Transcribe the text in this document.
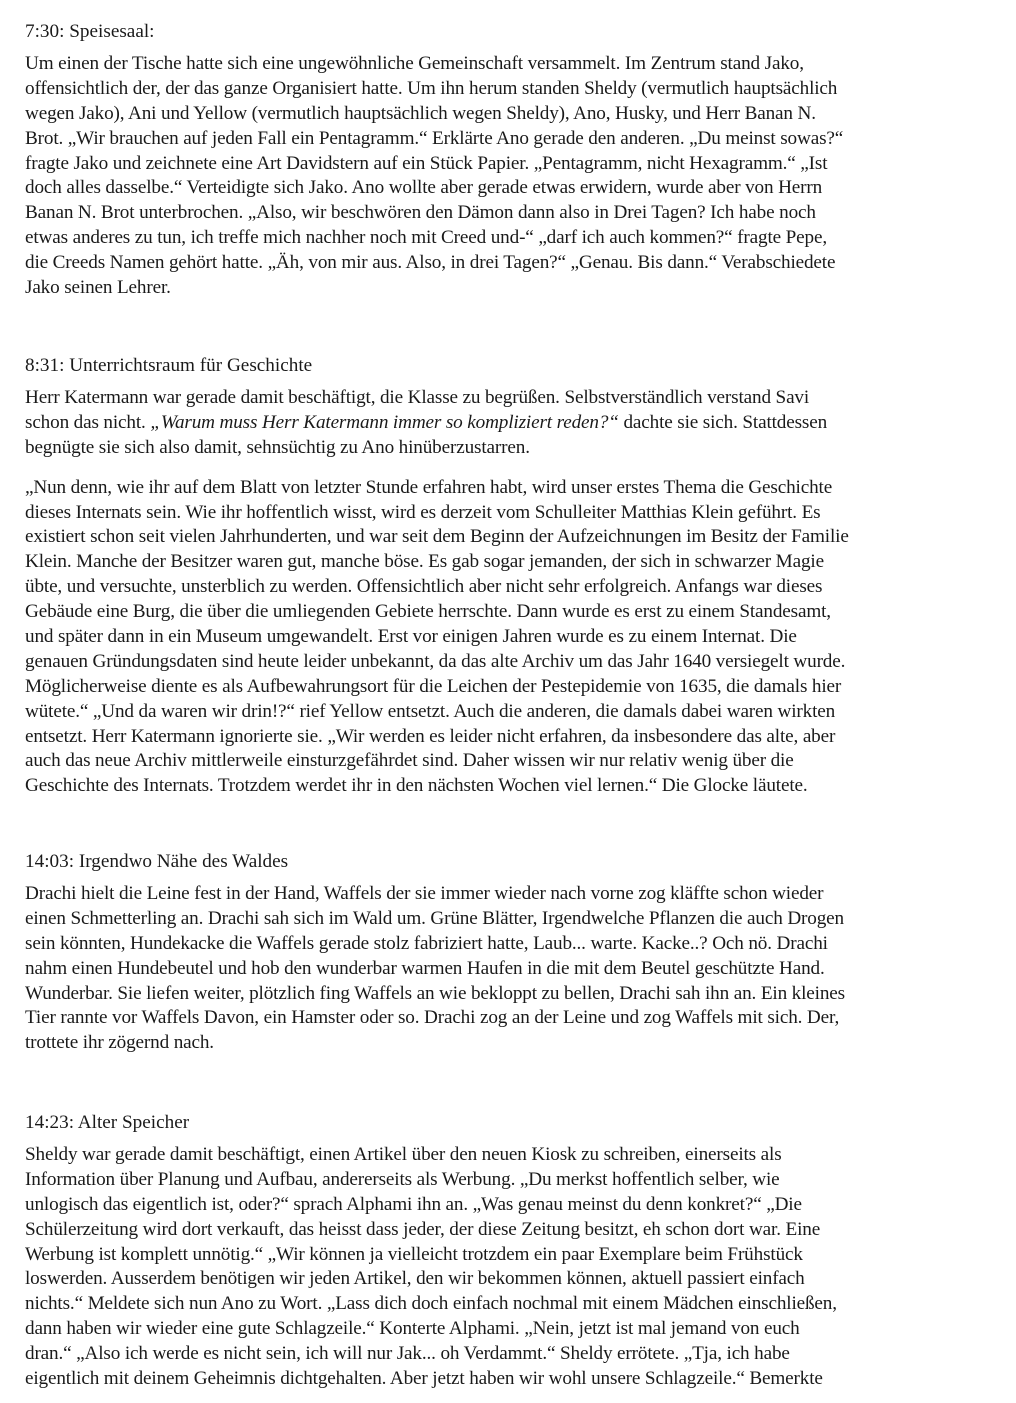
7:30: Speisesaal:
Um einen der Tische hatte sich eine ungewöhnliche Gemeinschaft versammelt. Im Zentrum stand Jako,
offensichtlich der, der das ganze Organisiert hatte. Um ihn herum standen Sheldy (vermutlich hauptsächlich
wegen Jako), Ani und Yellow (vermutlich hauptsächlich wegen Sheldy), Ano, Husky, und Herr Banan N.
Brot. „Wir brauchen auf jeden Fall ein Pentagramm.“ Erklärte Ano gerade den anderen. „Du meinst sowas?“
fragte Jako und zeichnete eine Art Davidstern auf ein Stück Papier. „Pentagramm, nicht Hexagramm.“ „Ist
doch alles dasselbe.“ Verteidigte sich Jako. Ano wollte aber gerade etwas erwidern, wurde aber von Herrn
Banan N. Brot unterbrochen. „Also, wir beschwören den Dämon dann also in Drei Tagen? Ich habe noch
etwas anderes zu tun, ich treffe mich nachher noch mit Creed und-“ „darf ich auch kommen?“ fragte Pepe,
die Creeds Namen gehört hatte. „Äh, von mir aus. Also, in drei Tagen?“ „Genau. Bis dann.“ Verabschiedete
Jako seinen Lehrer.
8:31: Unterrichtsraum für Geschichte
Herr Katermann war gerade damit beschäftigt, die Klasse zu begrüßen. Selbstverständlich verstand Savi
schon das nicht. „Warum muss Herr Katermann immer so kompliziert reden?“ dachte sie sich. Stattdessen
begnügte sie sich also damit, sehnsüchtig zu Ano hinüberzustarren.
„Nun denn, wie ihr auf dem Blatt von letzter Stunde erfahren habt, wird unser erstes Thema die Geschichte
dieses Internats sein. Wie ihr hoffentlich wisst, wird es derzeit vom Schulleiter Matthias Klein geführt. Es
existiert schon seit vielen Jahrhunderten, und war seit dem Beginn der Aufzeichnungen im Besitz der Familie
Klein. Manche der Besitzer waren gut, manche böse. Es gab sogar jemanden, der sich in schwarzer Magie
übte, und versuchte, unsterblich zu werden. Offensichtlich aber nicht sehr erfolgreich. Anfangs war dieses
Gebäude eine Burg, die über die umliegenden Gebiete herrschte. Dann wurde es erst zu einem Standesamt,
und später dann in ein Museum umgewandelt. Erst vor einigen Jahren wurde es zu einem Internat. Die
genauen Gründungsdaten sind heute leider unbekannt, da das alte Archiv um das Jahr 1640 versiegelt wurde.
Möglicherweise diente es als Aufbewahrungsort für die Leichen der Pestepidemie von 1635, die damals hier
wütete.“ „Und da waren wir drin!?“ rief Yellow entsetzt. Auch die anderen, die damals dabei waren wirkten
entsetzt. Herr Katermann ignorierte sie. „Wir werden es leider nicht erfahren, da insbesondere das alte, aber
auch das neue Archiv mittlerweile einsturzgefährdet sind. Daher wissen wir nur relativ wenig über die
Geschichte des Internats. Trotzdem werdet ihr in den nächsten Wochen viel lernen.“ Die Glocke läutete.
14:03: Irgendwo Nähe des Waldes
Drachi hielt die Leine fest in der Hand, Waffels der sie immer wieder nach vorne zog kläffte schon wieder
einen Schmetterling an. Drachi sah sich im Wald um. Grüne Blätter, Irgendwelche Pflanzen die auch Drogen
sein könnten, Hundekacke die Waffels gerade stolz fabriziert hatte, Laub... warte. Kacke..? Och nö. Drachi
nahm einen Hundebeutel und hob den wunderbar warmen Haufen in die mit dem Beutel geschützte Hand.
Wunderbar. Sie liefen weiter, plötzlich fing Waffels an wie bekloppt zu bellen, Drachi sah ihn an. Ein kleines
Tier rannte vor Waffels Davon, ein Hamster oder so. Drachi zog an der Leine und zog Waffels mit sich. Der,
trottete ihr zögernd nach.
14:23: Alter Speicher
Sheldy war gerade damit beschäftigt, einen Artikel über den neuen Kiosk zu schreiben, einerseits als
Information über Planung und Aufbau, andererseits als Werbung. „Du merkst hoffentlich selber, wie
unlogisch das eigentlich ist, oder?“ sprach Alphami ihn an. „Was genau meinst du denn konkret?“ „Die
Schülerzeitung wird dort verkauft, das heisst dass jeder, der diese Zeitung besitzt, eh schon dort war. Eine
Werbung ist komplett unnötig.“ „Wir können ja vielleicht trotzdem ein paar Exemplare beim Frühstück
loswerden. Ausserdem benötigen wir jeden Artikel, den wir bekommen können, aktuell passiert einfach
nichts.“ Meldete sich nun Ano zu Wort. „Lass dich doch einfach nochmal mit einem Mädchen einschließen,
dann haben wir wieder eine gute Schlagzeile.“ Konterte Alphami. „Nein, jetzt ist mal jemand von euch
dran.“ „Also ich werde es nicht sein, ich will nur Jak... oh Verdammt.“ Sheldy errötete. „Tja, ich habe
eigentlich mit deinem Geheimnis dichtgehalten. Aber jetzt haben wir wohl unsere Schlagzeile.“ Bemerkte
